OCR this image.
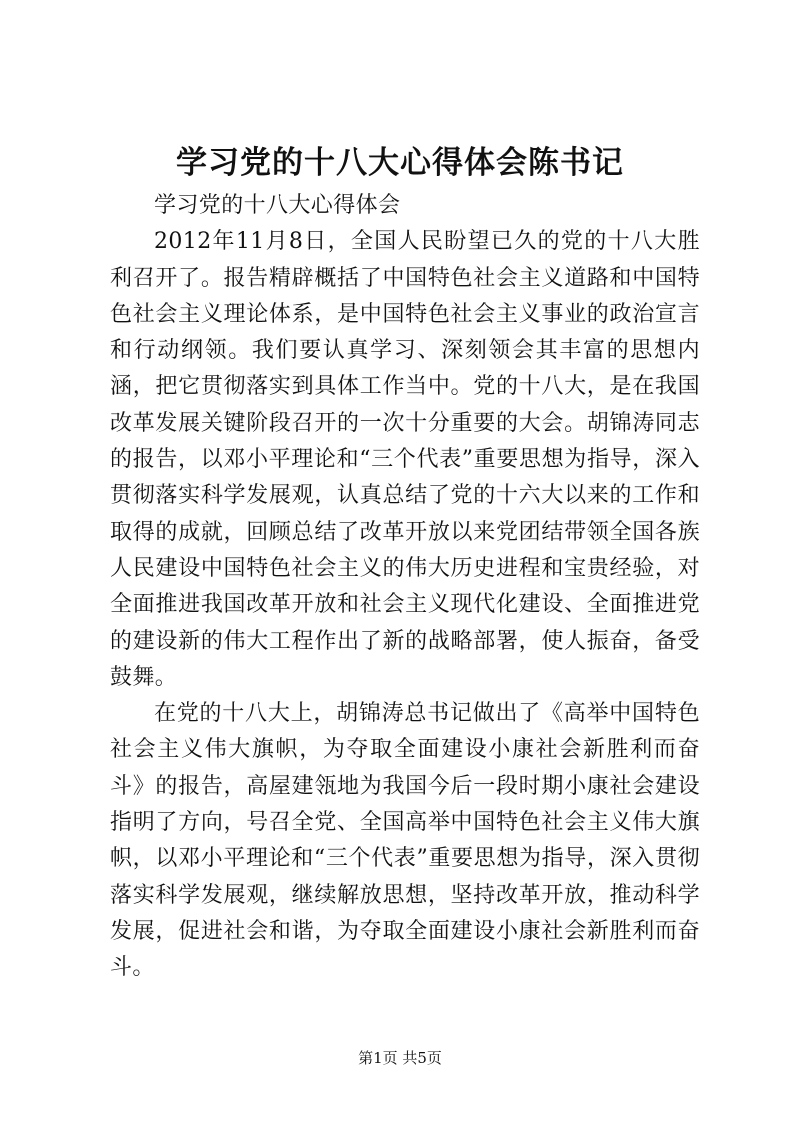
学习党的十八大心得体会陈书记

学习党的十八大心得体会

2012年11月8日，全国人民盼望已久的党的十八大胜利召开了。报告精辟概括了中国特色社会主义道路和中国特色社会主义理论体系，是中国特色社会主义事业的政治宣言和行动纲领。我们要认真学习、深刻领会其丰富的思想内涵，把它贯彻落实到具体工作当中。党的十八大，是在我国改革发展关键阶段召开的一次十分重要的大会。胡锦涛同志的报告，以邓小平理论和“三个代表”重要思想为指导，深入贯彻落实科学发展观，认真总结了党的十六大以来的工作和取得的成就，回顾总结了改革开放以来党团结带领全国各族人民建设中国特色社会主义的伟大历史进程和宝贵经验，对全面推进我国改革开放和社会主义现代化建设、全面推进党的建设新的伟大工程作出了新的战略部署，使人振奋，备受鼓舞。

在党的十八大上，胡锦涛总书记做出了《高举中国特色社会主义伟大旗帜，为夺取全面建设小康社会新胜利而奋斗》的报告，高屋建瓴地为我国今后一段时期小康社会建设指明了方向，号召全党、全国高举中国特色社会主义伟大旗帜，以邓小平理论和“三个代表”重要思想为指导，深入贯彻落实科学发展观，继续解放思想，坚持改革开放，推动科学发展，促进社会和谐，为夺取全面建设小康社会新胜利而奋斗。

第1页 共5页
